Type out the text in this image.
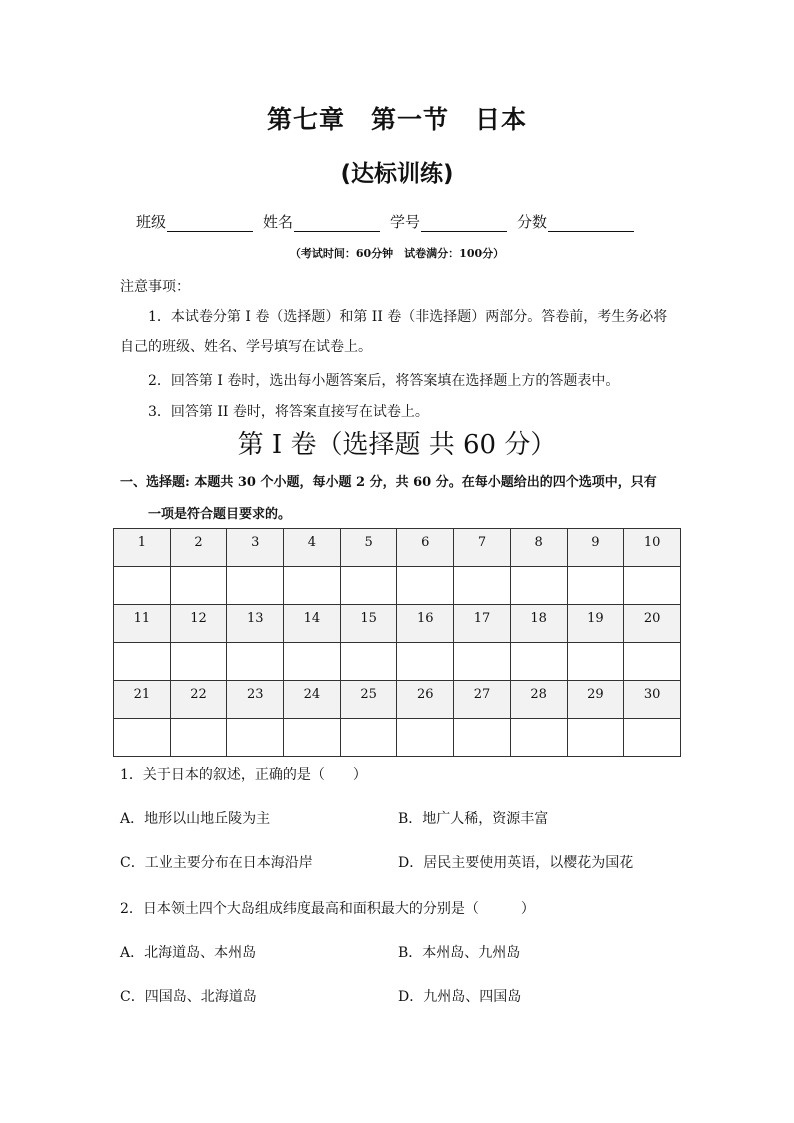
第七章　第一节　日本
(达标训练)
班级	姓名	学号	分数
（考试时间：60分钟　试卷满分：100分）
注意事项：
1．本试卷分第 I 卷（选择题）和第 II 卷（非选择题）两部分。答卷前，考生务必将自己的班级、姓名、学号填写在试卷上。
2．回答第 I 卷时，选出每小题答案后，将答案填在选择题上方的答题表中。
3．回答第 II 卷时，将答案直接写在试卷上。
第 I 卷（选择题 共 60 分）
一、选择题: 本题共 30 个小题，每小题 2 分，共 60 分。在每小题给出的四个选项中，只有
一项是符合题目要求的。
1	2	3	4	5	6	7	8	9	10

11	12	13	14	15	16	17	18	19	20

21	22	23	24	25	26	27	28	29	30

1．关于日本的叙述，正确的是（　　）
A．地形以山地丘陵为主	B．地广人稀，资源丰富
C．工业主要分布在日本海沿岸	D．居民主要使用英语，以樱花为国花
2．日本领土四个大岛组成纬度最高和面积最大的分别是（　　　）
A．北海道岛、本州岛	B．本州岛、九州岛
C．四国岛、北海道岛	D．九州岛、四国岛
